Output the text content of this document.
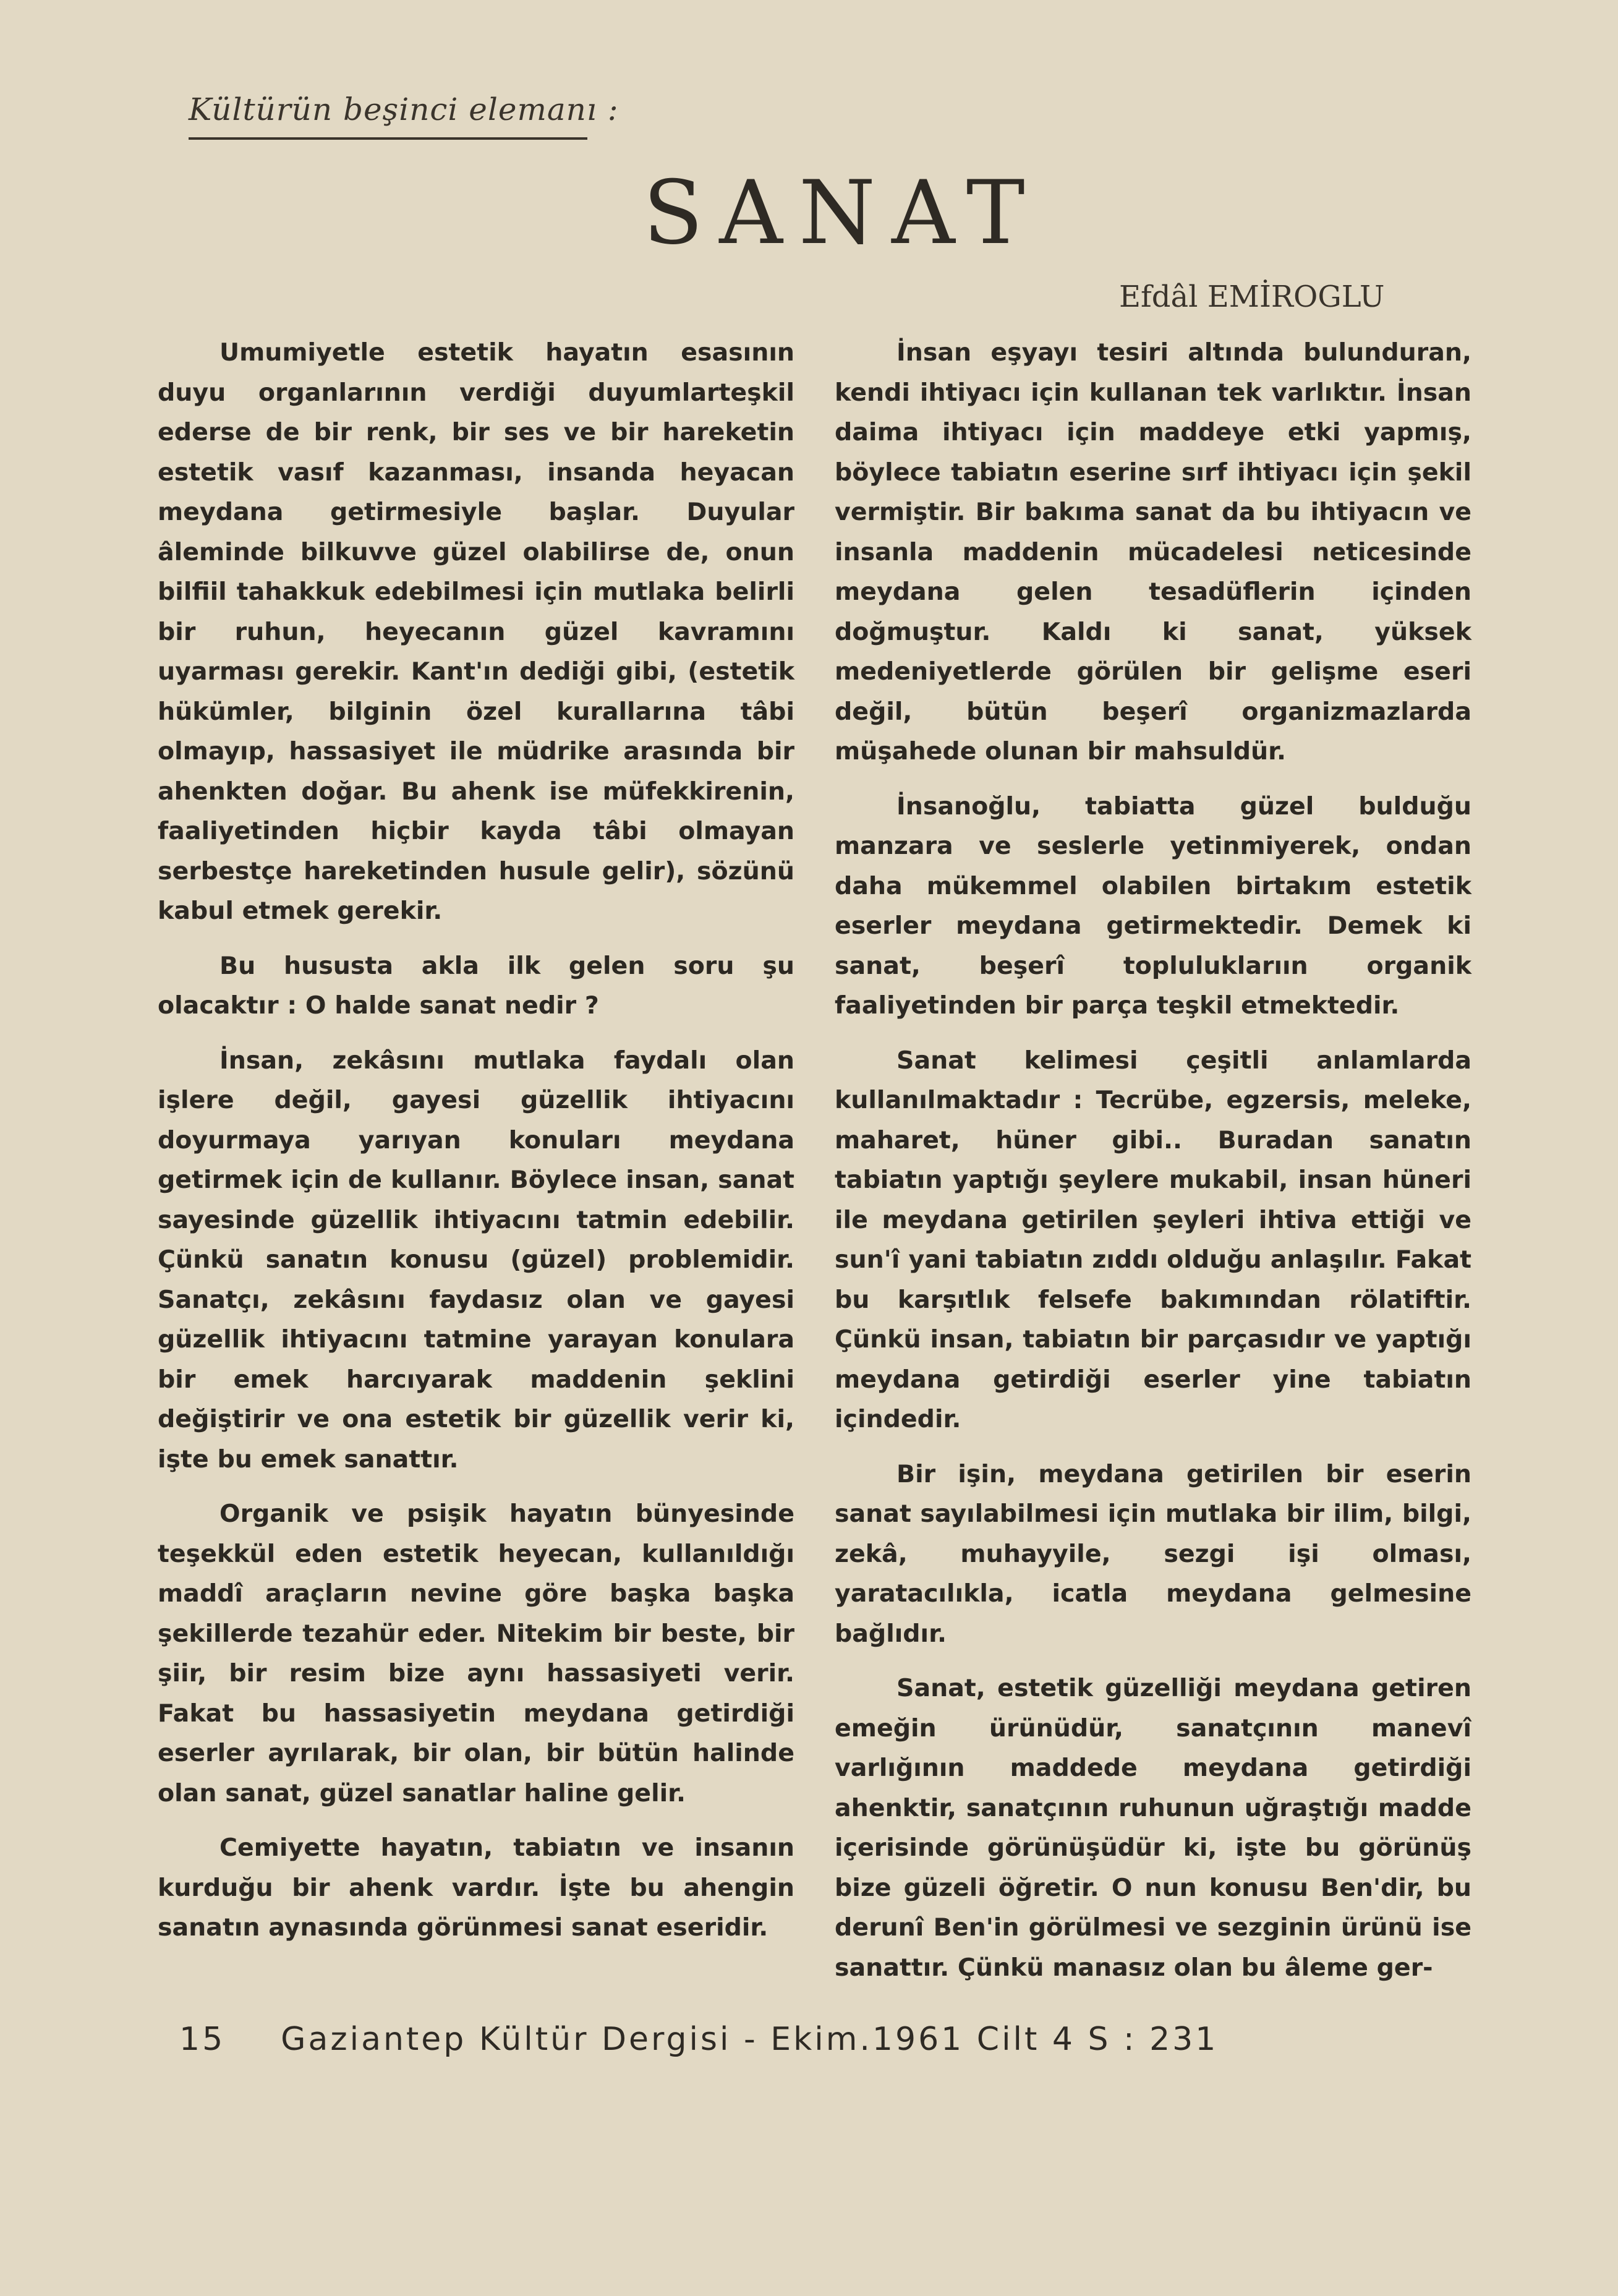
Kültürün beşinci elemanı :
SANAT
Efdâl EMİROGLU

Umumiyetle estetik hayatın esasının duyu organlarının verdiği duyumlarteşkil ederse de bir renk, bir ses ve bir hareketin estetik vasıf kazanması, insanda heyacan meydana getirmesiyle başlar. Duyular âleminde bilkuvve güzel olabilirse de, onun bilfiil tahakkuk edebilmesi için mutlaka belirli bir ruhun, heyecanın güzel kavramını uyarması gerekir. Kant'ın dediği gibi, (estetik hükümler, bilginin özel kurallarına tâbi olmayıp, hassasiyet ile müdrike arasında bir ahenkten doğar. Bu ahenk ise müfekkirenin, faaliyetinden hiçbir kayda tâbi olmayan serbestçe hareketinden husule gelir), sözünü kabul etmek gerekir.

Bu hususta akla ilk gelen soru şu olacaktır : O halde sanat nedir ?

İnsan, zekâsını mutlaka faydalı olan işlere değil, gayesi güzellik ihtiyacını doyurmaya yarıyan konuları meydana getirmek için de kullanır. Böylece insan, sanat sayesinde güzellik ihtiyacını tatmin edebilir. Çünkü sanatın konusu (güzel) problemidir. Sanatçı, zekâsını faydasız olan ve gayesi güzellik ihtiyacını tatmine yarayan konulara bir emek harcıyarak maddenin şeklini değiştirir ve ona estetik bir güzellik verir ki, işte bu emek sanattır.

Organik ve psişik hayatın bünyesinde teşekkül eden estetik heyecan, kullanıldığı maddî araçların nevine göre başka başka şekillerde tezahür eder. Nitekim bir beste, bir şiir, bir resim bize aynı hassasiyeti verir. Fakat bu hassasiyetin meydana getirdiği eserler ayrılarak, bir olan, bir bütün halinde olan sanat, güzel sanatlar haline gelir.

Cemiyette hayatın, tabiatın ve insanın kurduğu bir ahenk vardır. İşte bu ahengin sanatın aynasında görünmesi sanat eseridir.

İnsan eşyayı tesiri altında bulunduran, kendi ihtiyacı için kullanan tek varlıktır. İnsan daima ihtiyacı için maddeye etki yapmış, böylece tabiatın eserine sırf ihtiyacı için şekil vermiştir. Bir bakıma sanat da bu ihtiyacın ve insanla maddenin mücadelesi neticesinde meydana gelen tesadüflerin içinden doğmuştur. Kaldı ki sanat, yüksek medeniyetlerde görülen bir gelişme eseri değil, bütün beşerî organizmazlarda müşahede olunan bir mahsuldür.

İnsanoğlu, tabiatta güzel bulduğu manzara ve seslerle yetinmiyerek, ondan daha mükemmel olabilen birtakım estetik eserler meydana getirmektedir. Demek ki sanat, beşerî topluluklarıın organik faaliyetinden bir parça teşkil etmektedir.

Sanat kelimesi çeşitli anlamlarda kullanılmaktadır : Tecrübe, egzersis, meleke, maharet, hüner gibi.. Buradan sanatın tabiatın yaptığı şeylere mukabil, insan hüneri ile meydana getirilen şeyleri ihtiva ettiği ve sun'î yani tabiatın zıddı olduğu anlaşılır. Fakat bu karşıtlık felsefe bakımından rölatiftir. Çünkü insan, tabiatın bir parçasıdır ve yaptığı meydana getirdiği eserler yine tabiatın içindedir.

Bir işin, meydana getirilen bir eserin sanat sayılabilmesi için mutlaka bir ilim, bilgi, zekâ, muhayyile, sezgi işi olması, yaratacılıkla, icatla meydana gelmesine bağlıdır.

Sanat, estetik güzelliği meydana getiren emeğin ürünüdür, sanatçının manevî varlığının maddede meydana getirdiği ahenktir, sanatçının ruhunun uğraştığı madde içerisinde görünüşüdür ki, işte bu görünüş bize güzeli öğretir. O nun konusu Ben'dir, bu derunî Ben'in görülmesi ve sezginin ürünü ise sanattır. Çünkü manasız olan bu âleme ger-

15 Gaziantep Kültür Dergisi - Ekim.1961 Cilt 4 S : 231
